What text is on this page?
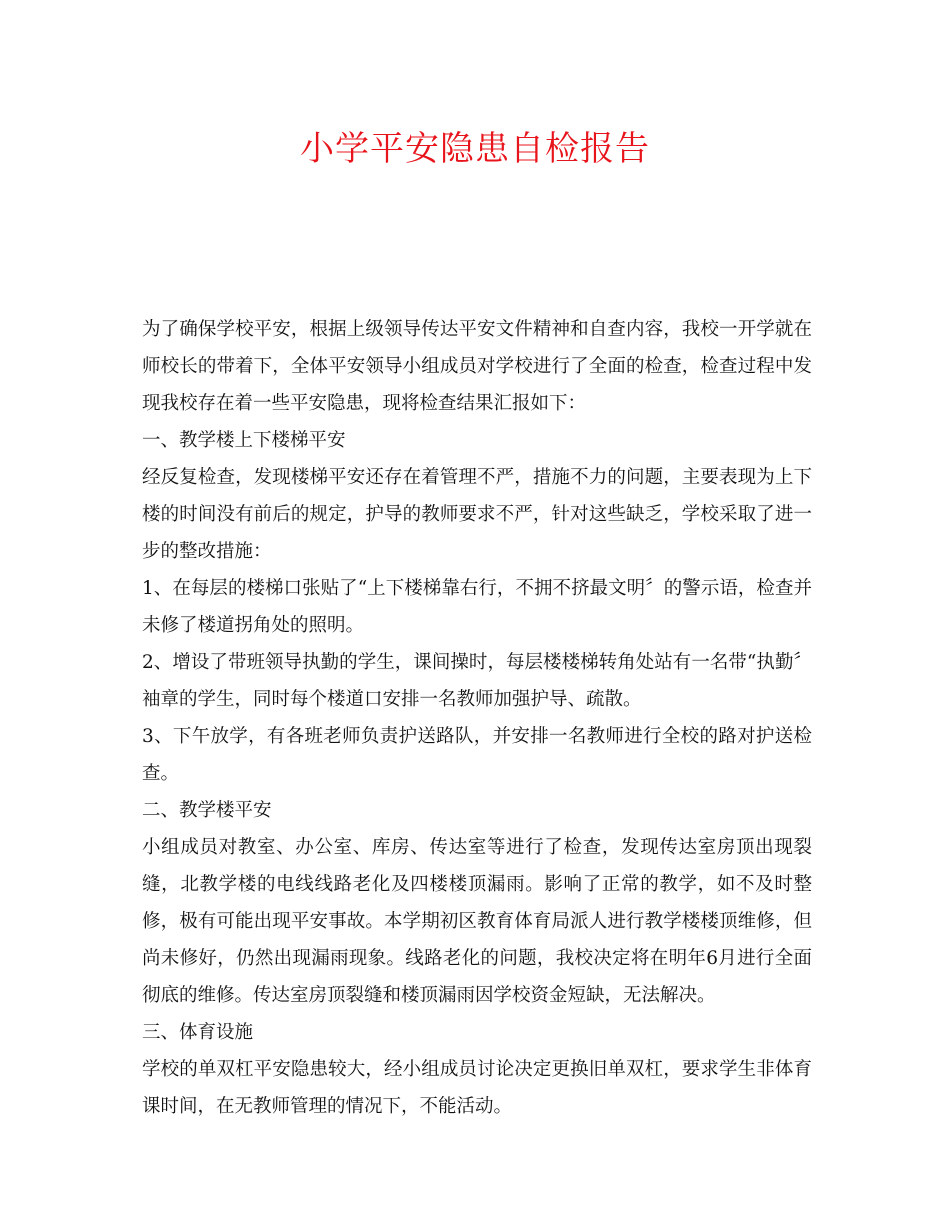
小学平安隐患自检报告

为了确保学校平安，根据上级领导传达平安文件精神和自查内容，我校一开学就在师校长的带着下，全体平安领导小组成员对学校进行了全面的检查，检查过程中发现我校存在着一些平安隐患，现将检查结果汇报如下：

一、教学楼上下楼梯平安

经反复检查，发现楼梯平安还存在着管理不严，措施不力的问题，主要表现为上下楼的时间没有前后的规定，护导的教师要求不严，针对这些缺乏，学校采取了进一步的整改措施：

1、在每层的楼梯口张贴了“上下楼梯靠右行，不拥不挤最文明〞的警示语，检查并未修了楼道拐角处的照明。

2、增设了带班领导执勤的学生，课间操时，每层楼楼梯转角处站有一名带“执勤〞袖章的学生，同时每个楼道口安排一名教师加强护导、疏散。

3、下午放学，有各班老师负责护送路队，并安排一名教师进行全校的路对护送检查。

二、教学楼平安

小组成员对教室、办公室、库房、传达室等进行了检查，发现传达室房顶出现裂缝，北教学楼的电线线路老化及四楼楼顶漏雨。影响了正常的教学，如不及时整修，极有可能出现平安事故。本学期初区教育体育局派人进行教学楼楼顶维修，但尚未修好，仍然出现漏雨现象。线路老化的问题，我校决定将在明年6月进行全面彻底的维修。传达室房顶裂缝和楼顶漏雨因学校资金短缺，无法解决。

三、体育设施

学校的单双杠平安隐患较大，经小组成员讨论决定更换旧单双杠，要求学生非体育课时间，在无教师管理的情况下，不能活动。
